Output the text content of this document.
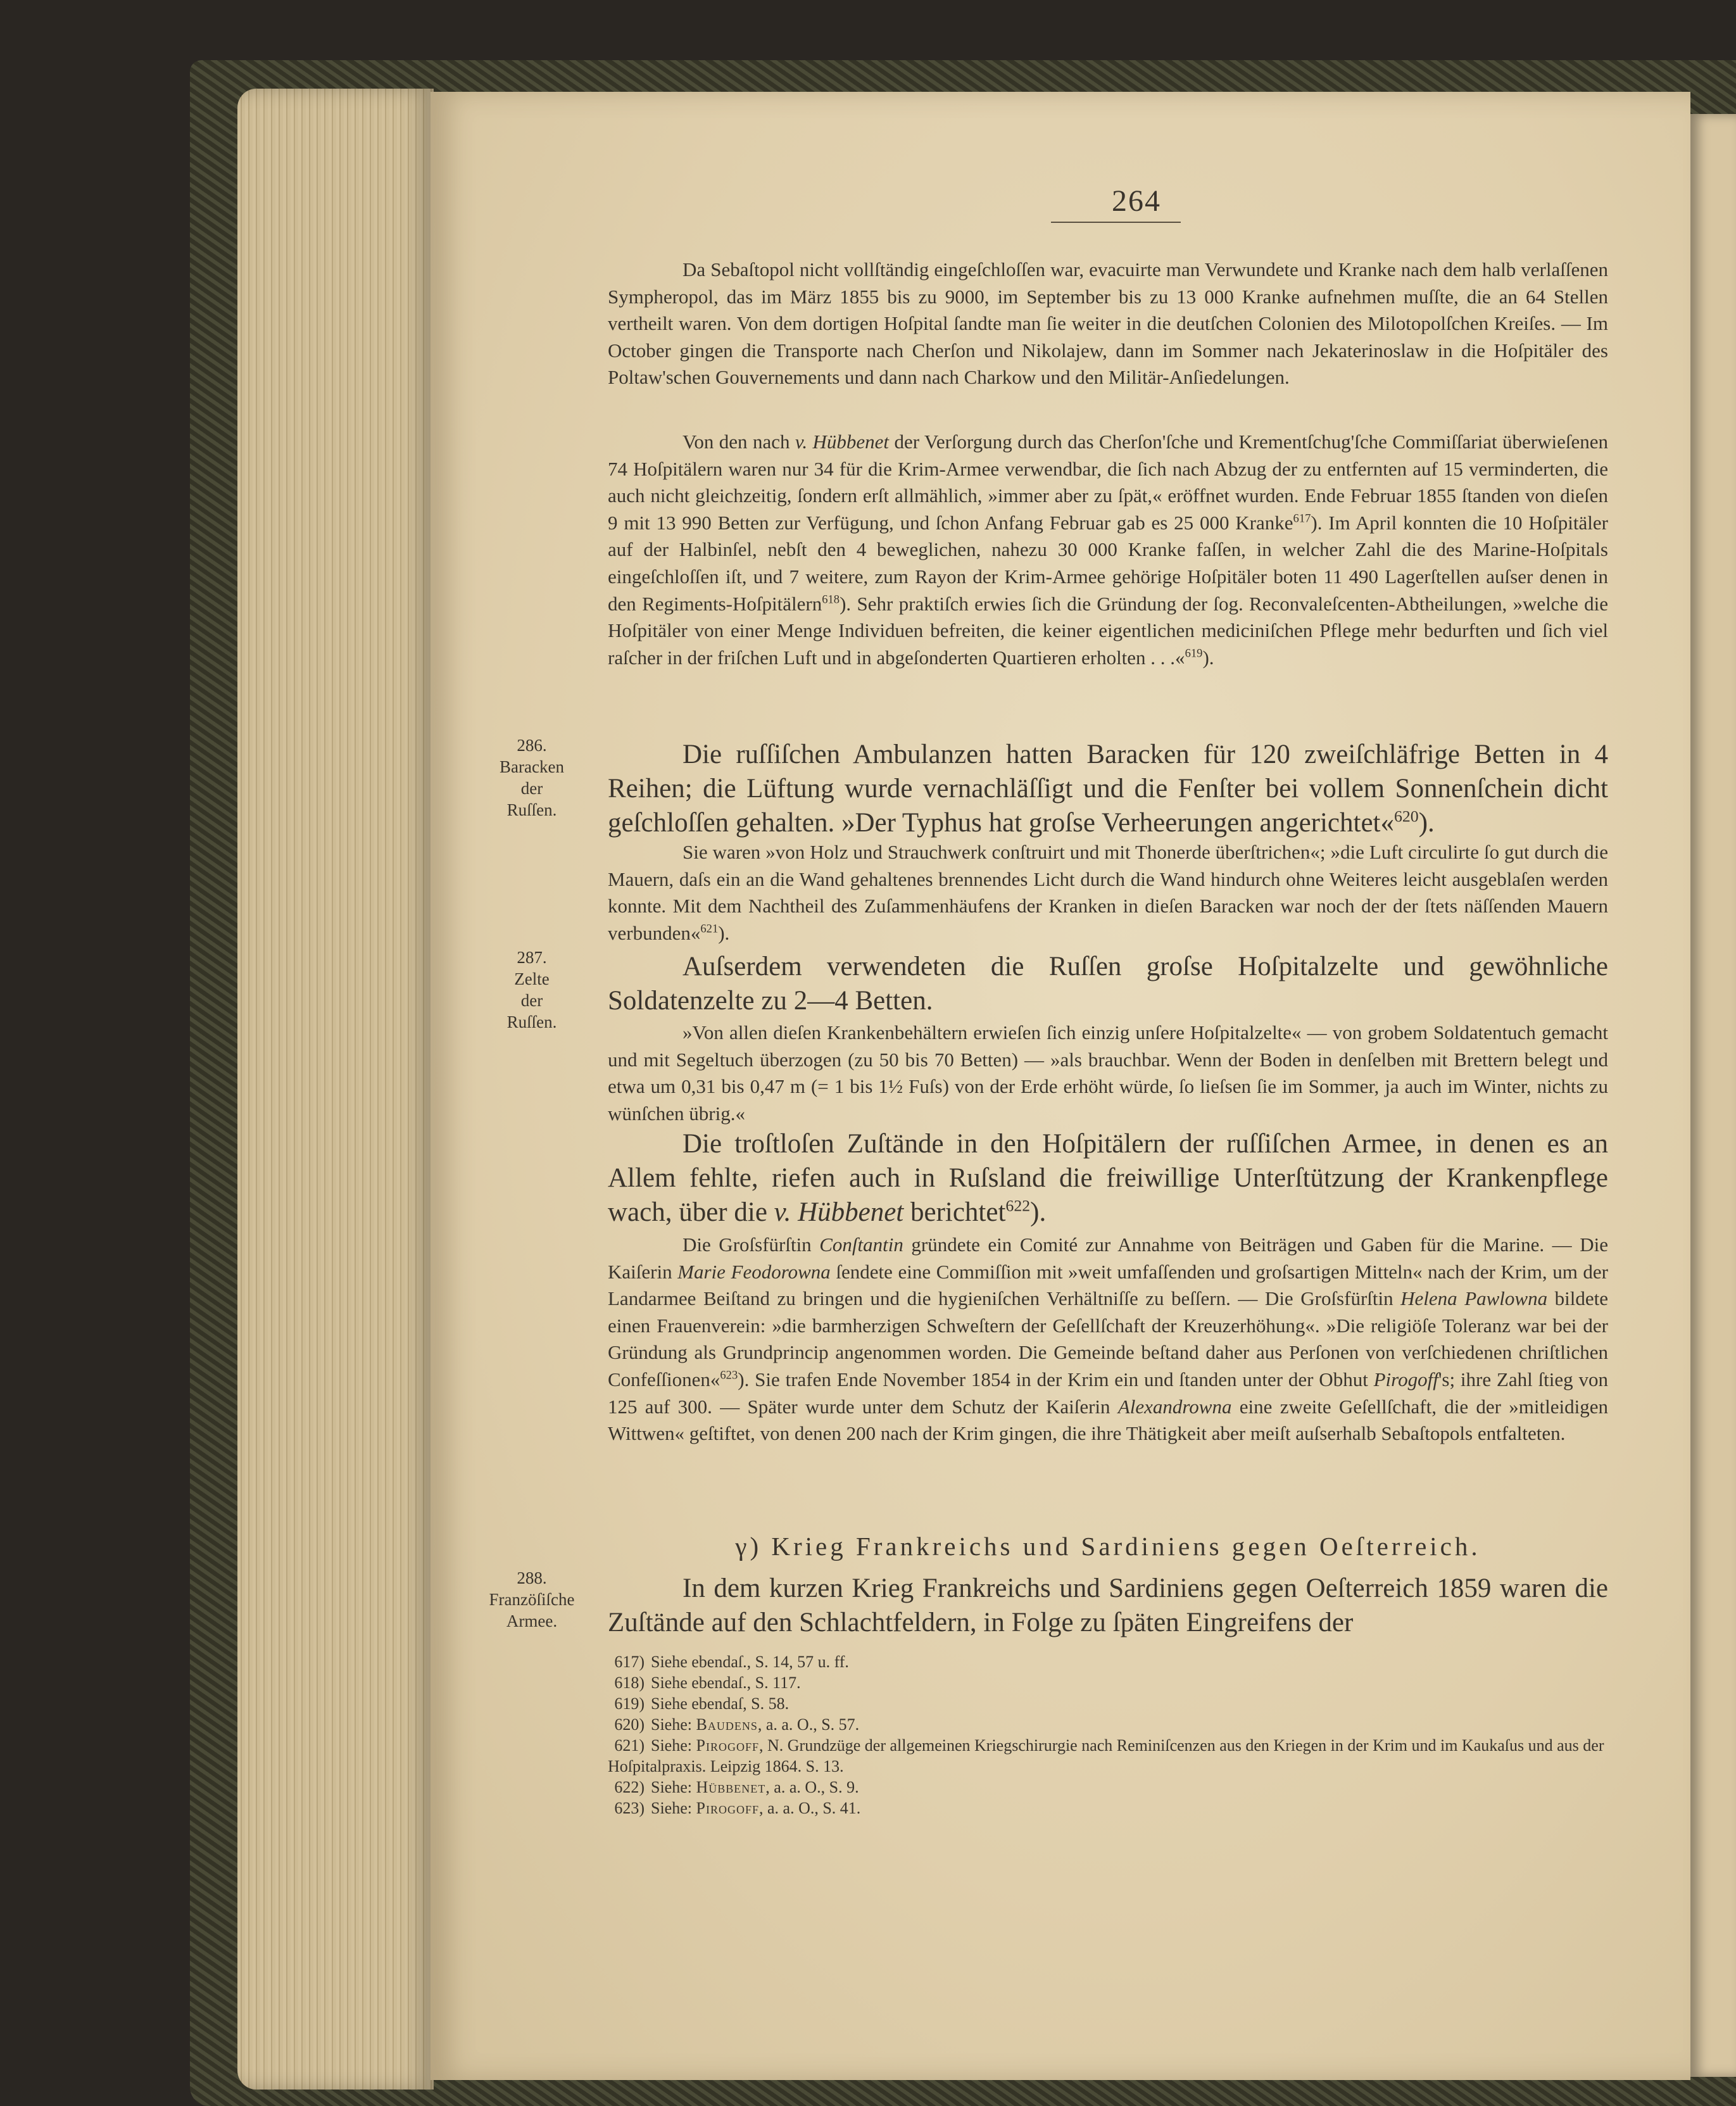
264
Da Sebaſtopol nicht vollſtändig eingeſchloſſen war, evacuirte man Verwundete und Kranke nach dem halb verlaſſenen Sympheropol, das im März 1855 bis zu 9000, im September bis zu 13 000 Kranke aufnehmen muſſte, die an 64 Stellen vertheilt waren. Von dem dortigen Hoſpital ſandte man ſie weiter in die deutſchen Colonien des Milotopolſchen Kreiſes. — Im October gingen die Transporte nach Cherſon und Nikolajew, dann im Sommer nach Jekaterinoslaw in die Hoſpitäler des Poltaw'schen Gouvernements und dann nach Charkow und den Militär-Anſiedelungen.
Von den nach v. Hübbenet der Verſorgung durch das Cherſon'ſche und Krementſchug'ſche Commiſſariat überwieſenen 74 Hoſpitälern waren nur 34 für die Krim-Armee verwendbar, die ſich nach Abzug der zu entfernten auf 15 verminderten, die auch nicht gleichzeitig, ſondern erſt allmählich, »immer aber zu ſpät,« eröffnet wurden. Ende Februar 1855 ſtanden von dieſen 9 mit 13 990 Betten zur Verfügung, und ſchon Anfang Februar gab es 25 000 Kranke$^{617}$). Im April konnten die 10 Hoſpitäler auf der Halbinſel, nebſt den 4 beweglichen, nahezu 30 000 Kranke faſſen, in welcher Zahl die des Marine-Hoſpitals eingeſchloſſen iſt, und 7 weitere, zum Rayon der Krim-Armee gehörige Hoſpitäler boten 11 490 Lagerſtellen auſser denen in den Regiments-Hoſpitälern$^{618}$). Sehr praktiſch erwies ſich die Gründung der ſog. Reconvaleſcenten-Abtheilungen, »welche die Hoſpitäler von einer Menge Individuen befreiten, die keiner eigentlichen mediciniſchen Pflege mehr bedurften und ſich viel raſcher in der friſchen Luft und in abgeſonderten Quartieren erholten . . .«$^{619}$).
286.
Baracken
der
Ruſſen.
Die ruſſiſchen Ambulanzen hatten Baracken für 120 zweiſchläfrige Betten in 4 Reihen; die Lüftung wurde vernachläſſigt und die Fenſter bei vollem Sonnenſchein dicht geſchloſſen gehalten. »Der Typhus hat groſse Verheerungen angerichtet«$^{620}$).
Sie waren »von Holz und Strauchwerk conſtruirt und mit Thonerde überſtrichen«; »die Luft circulirte ſo gut durch die Mauern, daſs ein an die Wand gehaltenes brennendes Licht durch die Wand hindurch ohne Weiteres leicht ausgeblaſen werden konnte. Mit dem Nachtheil des Zuſammenhäufens der Kranken in dieſen Baracken war noch der der ſtets näſſenden Mauern verbunden«$^{621}$).
287.
Zelte
der
Ruſſen.
Auſserdem verwendeten die Ruſſen groſse Hoſpitalzelte und gewöhnliche Soldatenzelte zu 2—4 Betten.
»Von allen dieſen Krankenbehältern erwieſen ſich einzig unſere Hoſpitalzelte« — von grobem Soldatentuch gemacht und mit Segeltuch überzogen (zu 50 bis 70 Betten) — »als brauchbar. Wenn der Boden in denſelben mit Brettern belegt und etwa um 0,31 bis 0,47 m (= 1 bis 1½ Fuſs) von der Erde erhöht würde, ſo lieſsen ſie im Sommer, ja auch im Winter, nichts zu wünſchen übrig.«
Die troſtloſen Zuſtände in den Hoſpitälern der ruſſiſchen Armee, in denen es an Allem fehlte, riefen auch in Ruſsland die freiwillige Unterſtützung der Krankenpflege wach, über die v. Hübbenet berichtet$^{622}$).
Die Groſsfürſtin Conſtantin gründete ein Comité zur Annahme von Beiträgen und Gaben für die Marine. — Die Kaiſerin Marie Feodorowna ſendete eine Commiſſion mit »weit umfaſſenden und groſsartigen Mitteln« nach der Krim, um der Landarmee Beiſtand zu bringen und die hygieniſchen Verhältniſſe zu beſſern. — Die Groſsfürſtin Helena Pawlowna bildete einen Frauenverein: »die barmherzigen Schweſtern der Geſellſchaft der Kreuzerhöhung«. »Die religiöſe Toleranz war bei der Gründung als Grundprincip angenommen worden. Die Gemeinde beſtand daher aus Perſonen von verſchiedenen chriſtlichen Confeſſionen«$^{623}$). Sie trafen Ende November 1854 in der Krim ein und ſtanden unter der Obhut Pirogoff's; ihre Zahl ſtieg von 125 auf 300. — Später wurde unter dem Schutz der Kaiſerin Alexandrowna eine zweite Geſellſchaft, die der »mitleidigen Wittwen« geſtiftet, von denen 200 nach der Krim gingen, die ihre Thätigkeit aber meiſt auſserhalb Sebaſtopols entfalteten.
γ) Krieg Frankreichs und Sardiniens gegen Oeſterreich.
288.
Franzöſiſche
Armee.
In dem kurzen Krieg Frankreichs und Sardiniens gegen Oeſterreich 1859 waren die Zuſtände auf den Schlachtfeldern, in Folge zu ſpäten Eingreifens der
617) Siehe ebendaſ., S. 14, 57 u. ff.
618) Siehe ebendaſ., S. 117.
619) Siehe ebendaſ, S. 58.
620) Siehe: Baudens, a. a. O., S. 57.
621) Siehe: Pirogoff, N. Grundzüge der allgemeinen Kriegschirurgie nach Reminiſcenzen aus den Kriegen in der Krim und im Kaukaſus und aus der Hoſpitalpraxis. Leipzig 1864. S. 13.
622) Siehe: Hübbenet, a. a. O., S. 9.
623) Siehe: Pirogoff, a. a. O., S. 41.
